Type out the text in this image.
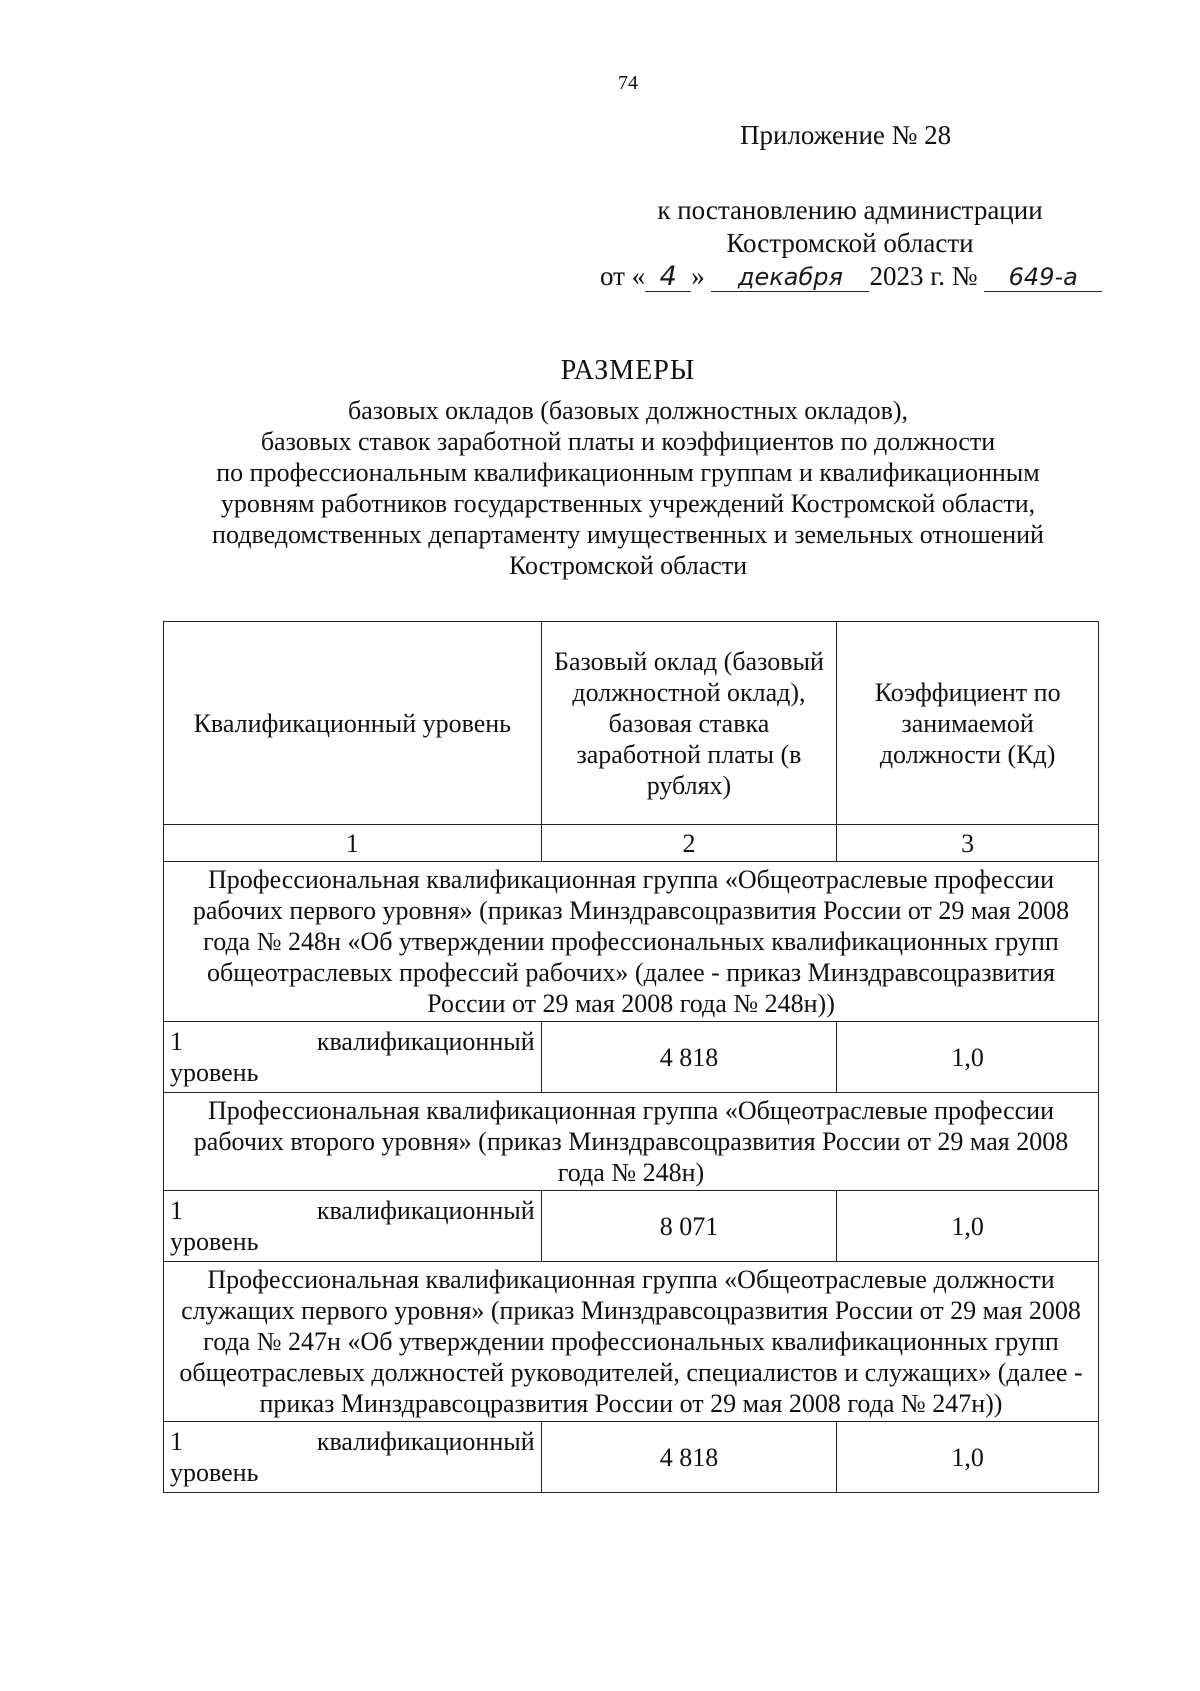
74
Приложение № 28
к постановлению администрации
Костромской области
от « 4 » декабря 2023 г. № 649-а
РАЗМЕРЫ
базовых окладов (базовых должностных окладов),
базовых ставок заработной платы и коэффициентов по должности
по профессиональным квалификационным группам и квалификационным
уровням работников государственных учреждений Костромской области,
подведомственных департаменту имущественных и земельных отношений
Костромской области
Квалификационный уровень	Базовый оклад (базовый должностной оклад), базовая ставка заработной платы (в рублях)	Коэффициент по занимаемой должности (Кд)
1	2	3
Профессиональная квалификационная группа «Общеотраслевые профессии рабочих первого уровня» (приказ Минздравсоцразвития России от 29 мая 2008 года № 248н «Об утверждении профессиональных квалификационных групп общеотраслевых профессий рабочих» (далее - приказ Минздравсоцразвития России от 29 мая 2008 года № 248н))		

1 квалификационный
уровень	4 818	1,0
Профессиональная квалификационная группа «Общеотраслевые профессии рабочих второго уровня» (приказ Минздравсоцразвития России от 29 мая 2008 года № 248н)		

1 квалификационный
уровень	8 071	1,0
Профессиональная квалификационная группа «Общеотраслевые должности служащих первого уровня» (приказ Минздравсоцразвития России от 29 мая 2008 года № 247н «Об утверждении профессиональных квалификационных групп общеотраслевых должностей руководителей, специалистов и служащих» (далее - приказ Минздравсоцразвития России от 29 мая 2008 года № 247н))		

1 квалификационный
уровень	4 818	1,0
